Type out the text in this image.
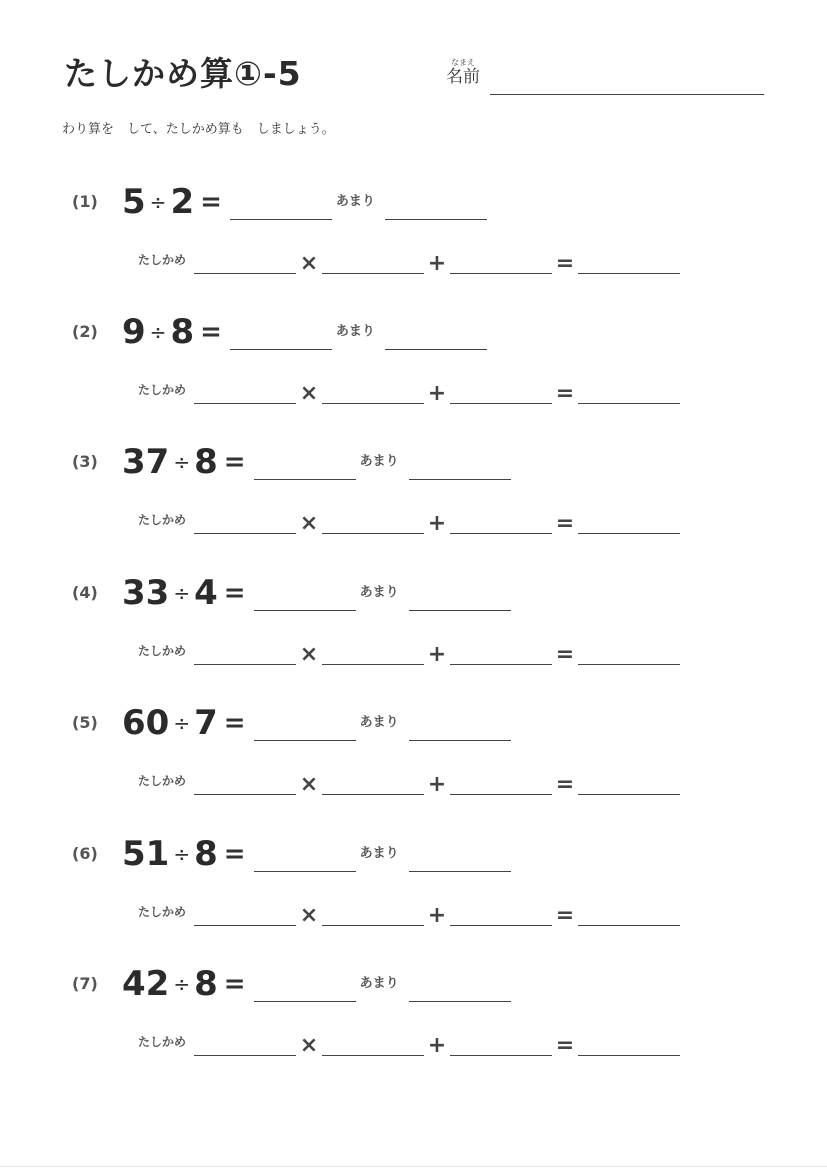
たしかめ算①-5	なまえ
名前
わり算を　して、たしかめ算も　しましょう。
(1) 5 ÷ 2 =	あまり
たしかめ	×	+	=
(2) 9 ÷ 8 =	あまり
たしかめ	×	+	=
(3) 37 ÷ 8 =	あまり
たしかめ	×	+	=
(4) 33 ÷ 4 =	あまり
たしかめ	×	+	=
(5) 60 ÷ 7 =	あまり
たしかめ	×	+	=
(6) 51 ÷ 8 =	あまり
たしかめ	×	+	=
(7) 42 ÷ 8 =	あまり
たしかめ	×	+	=
